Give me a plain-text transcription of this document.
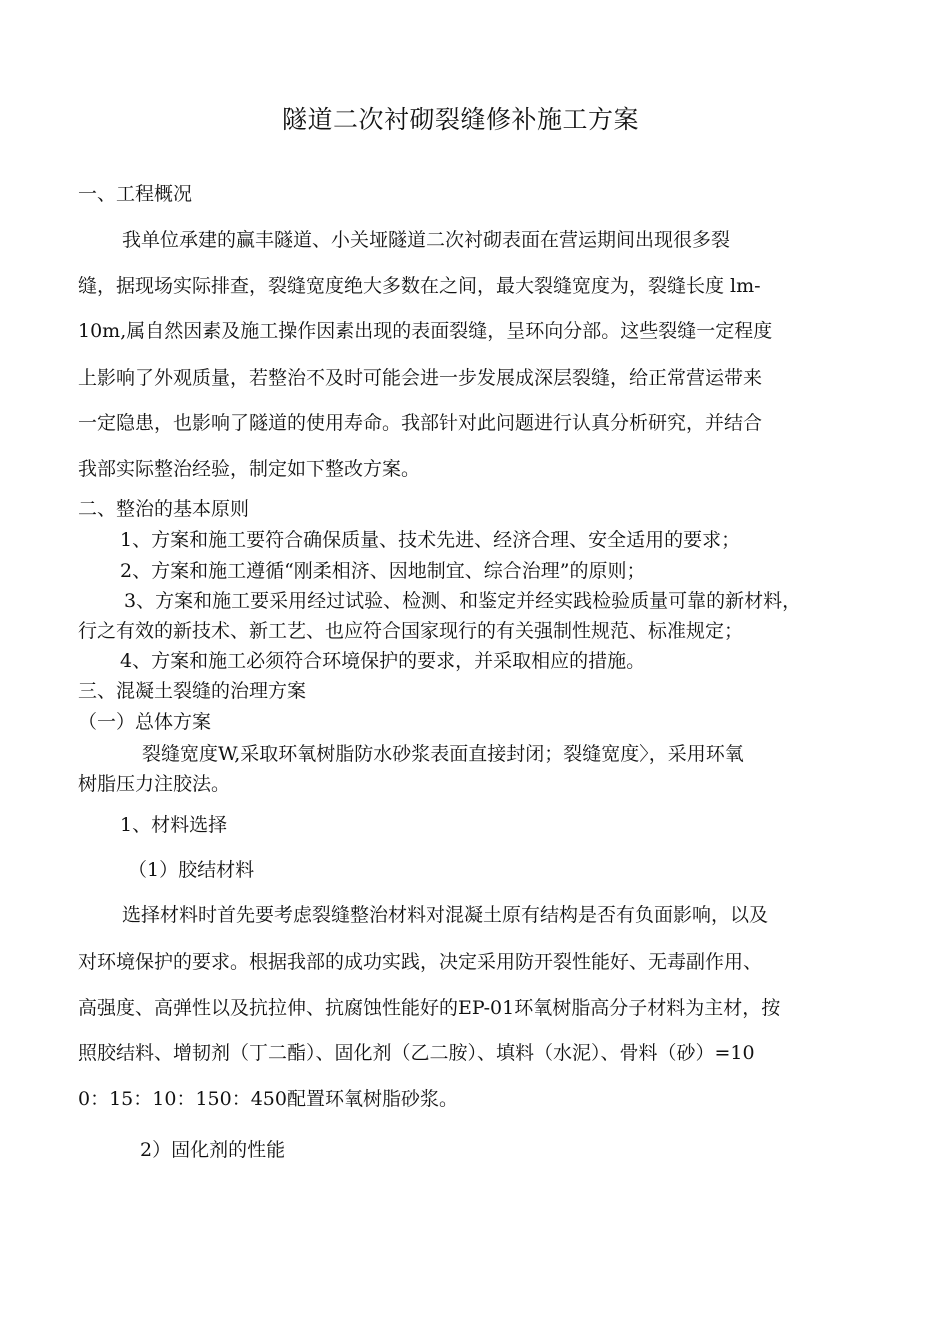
隧道二次衬砌裂缝修补施工方案

一、工程概况

我单位承建的赢丰隧道、小关垭隧道二次衬砌表面在营运期间出现很多裂

缝，据现场实际排查，裂缝宽度绝大多数在之间，最大裂缝宽度为，裂缝长度 lm-

10m,属自然因素及施工操作因素出现的表面裂缝，呈环向分部。这些裂缝一定程度

上影响了外观质量，若整治不及时可能会进一步发展成深层裂缝，给正常营运带来

一定隐患，也影响了隧道的使用寿命。我部针对此问题进行认真分析研究，并结合

我部实际整治经验，制定如下整改方案。

二、整治的基本原则

1、方案和施工要符合确保质量、技术先进、经济合理、安全适用的要求；

2、方案和施工遵循“刚柔相济、因地制宜、综合治理”的原则；

3、方案和施工要采用经过试验、检测、和鉴定并经实践检验质量可靠的新材料，

行之有效的新技术、新工艺、也应符合国家现行的有关强制性规范、标准规定；

4、方案和施工必须符合环境保护的要求，并采取相应的措施。

三、混凝土裂缝的治理方案

（一）总体方案

裂缝宽度W,采取环氧树脂防水砂浆表面直接封闭；裂缝宽度〉，采用环氧

树脂压力注胶法。

1、材料选择

（1）胶结材料

选择材料时首先要考虑裂缝整治材料对混凝土原有结构是否有负面影响，以及

对环境保护的要求。根据我部的成功实践，决定采用防开裂性能好、无毒副作用、

高强度、高弹性以及抗拉伸、抗腐蚀性能好的EP-01环氧树脂高分子材料为主材，按

照胶结料、增韧剂（丁二酯）、固化剂（乙二胺）、填料（水泥）、骨料（砂）=10

0：15：10：150：450配置环氧树脂砂浆。

2）固化剂的性能
